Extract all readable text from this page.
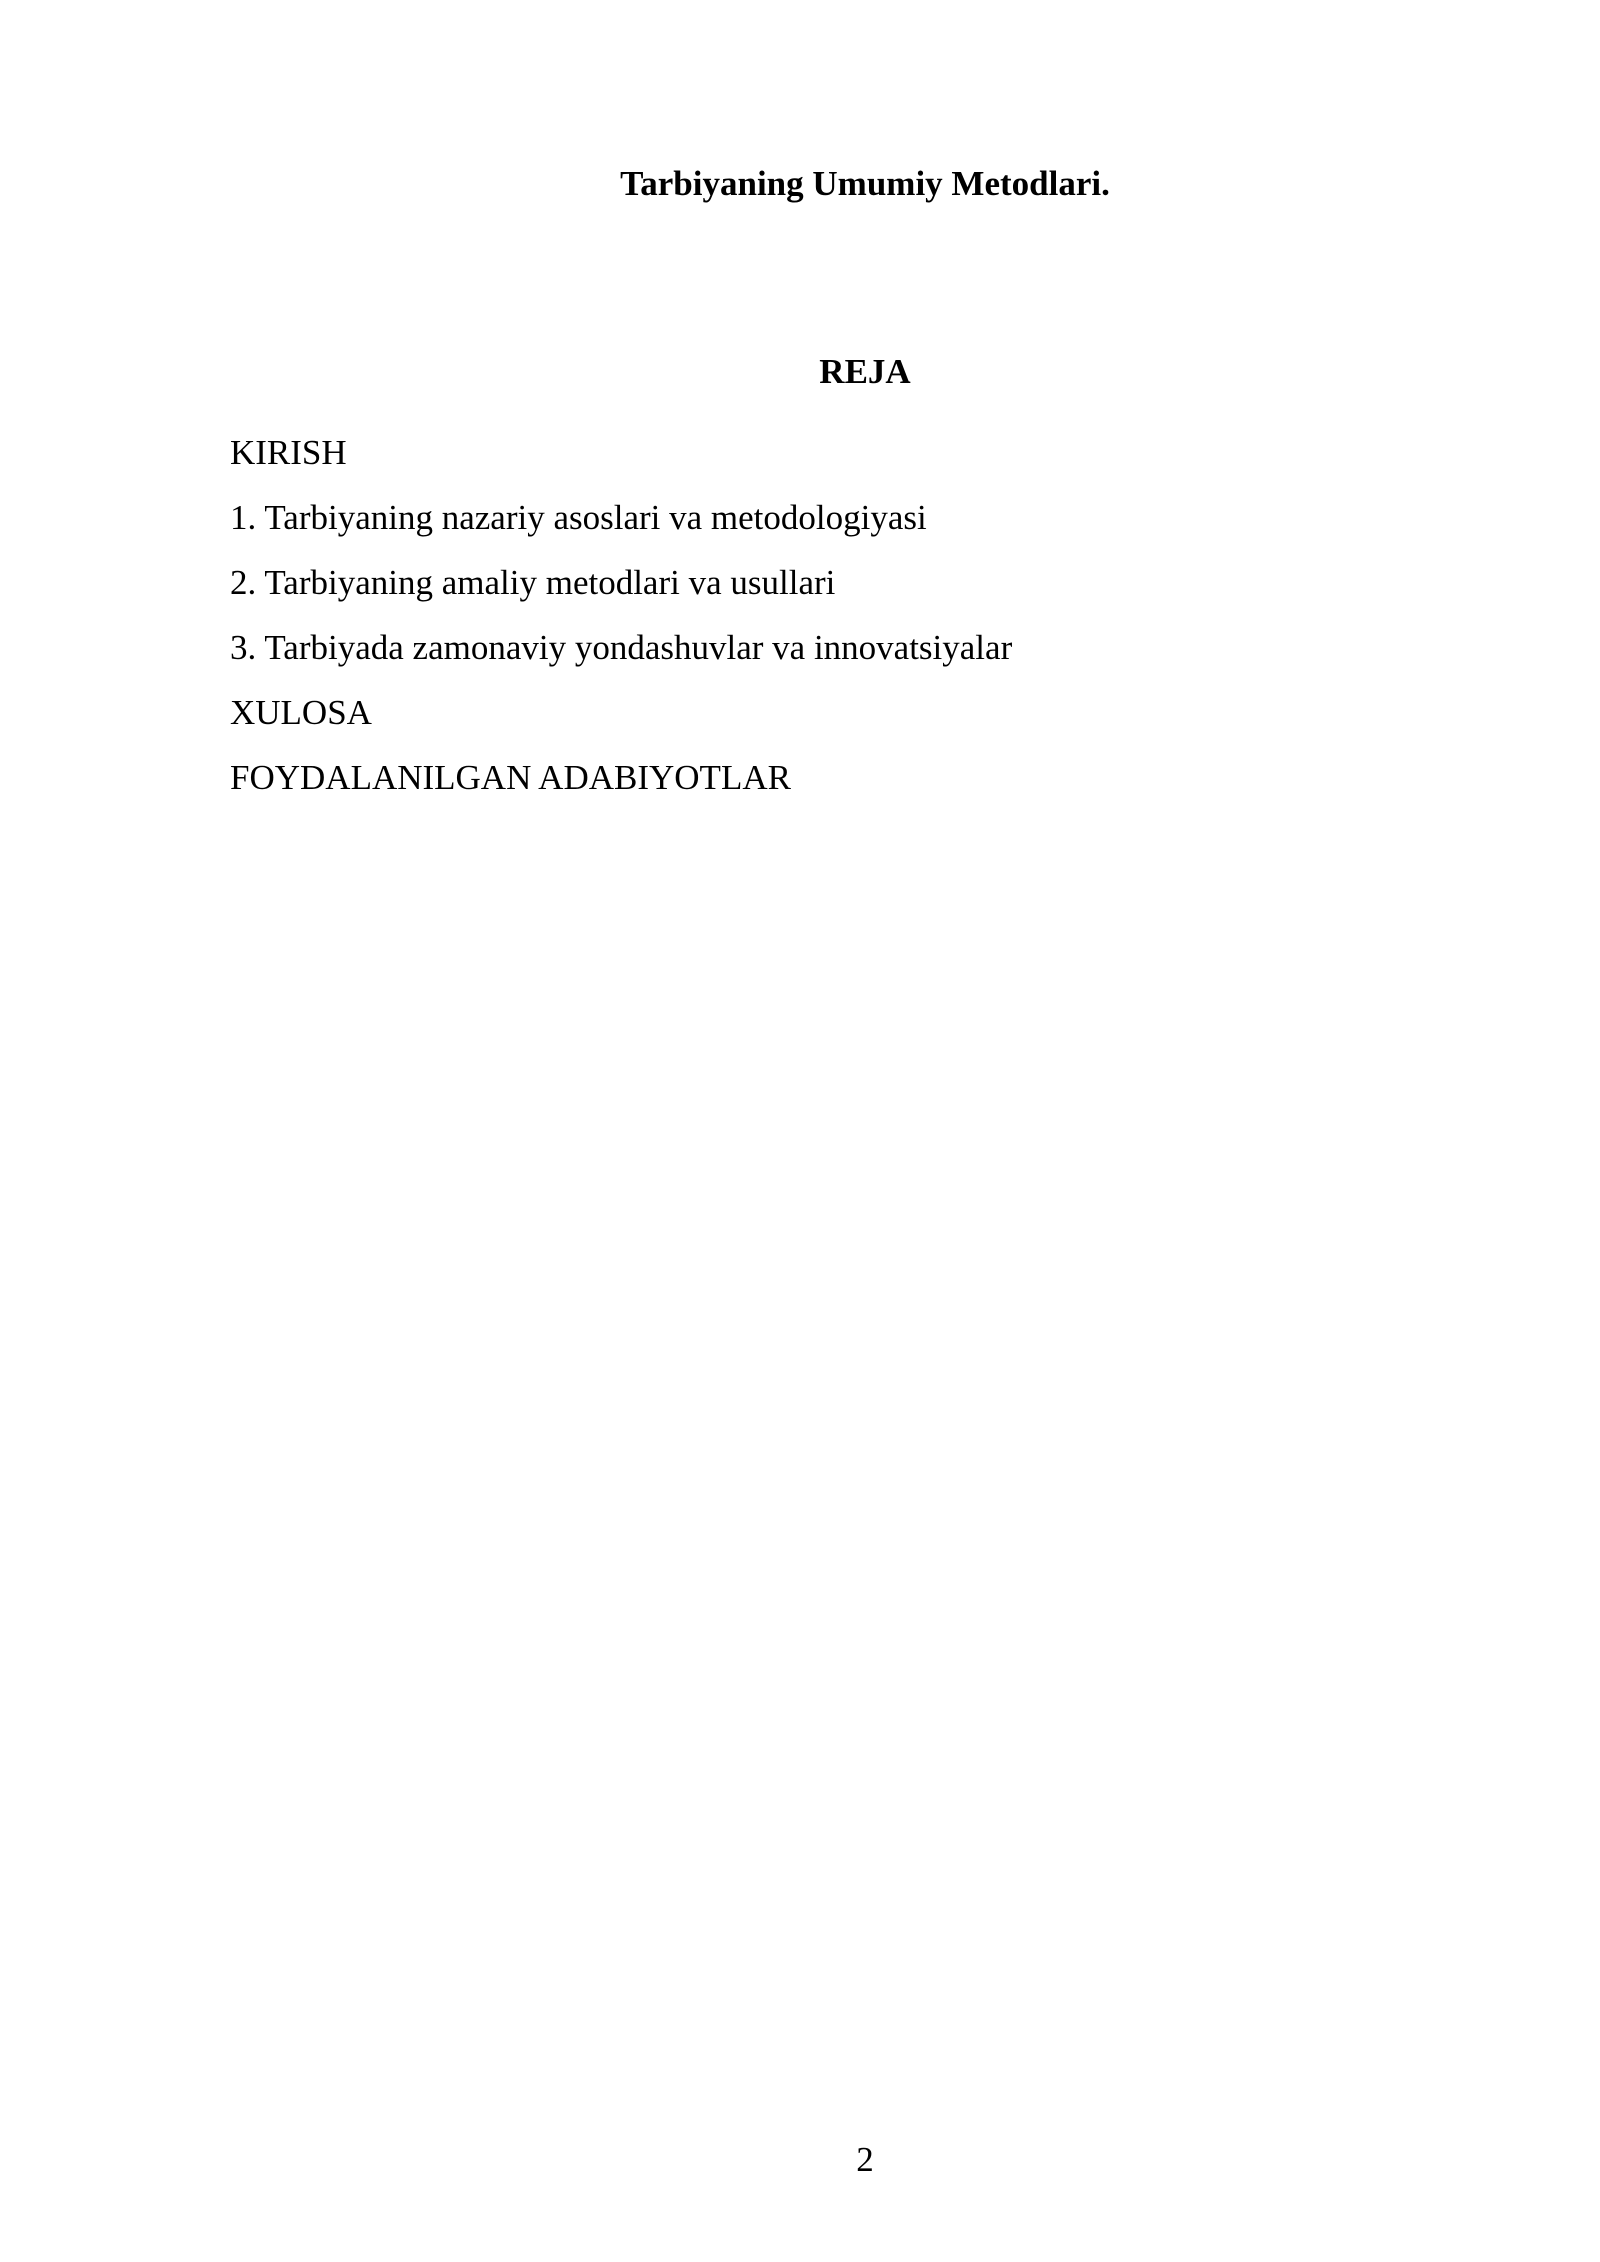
Tarbiyaning Umumiy Metodlari.
REJA
KIRISH
1. Tarbiyaning nazariy asoslari va metodologiyasi
2. Tarbiyaning amaliy metodlari va usullari
3. Tarbiyada zamonaviy yondashuvlar va innovatsiyalar
XULOSA
FOYDALANILGAN ADABIYOTLAR
2
